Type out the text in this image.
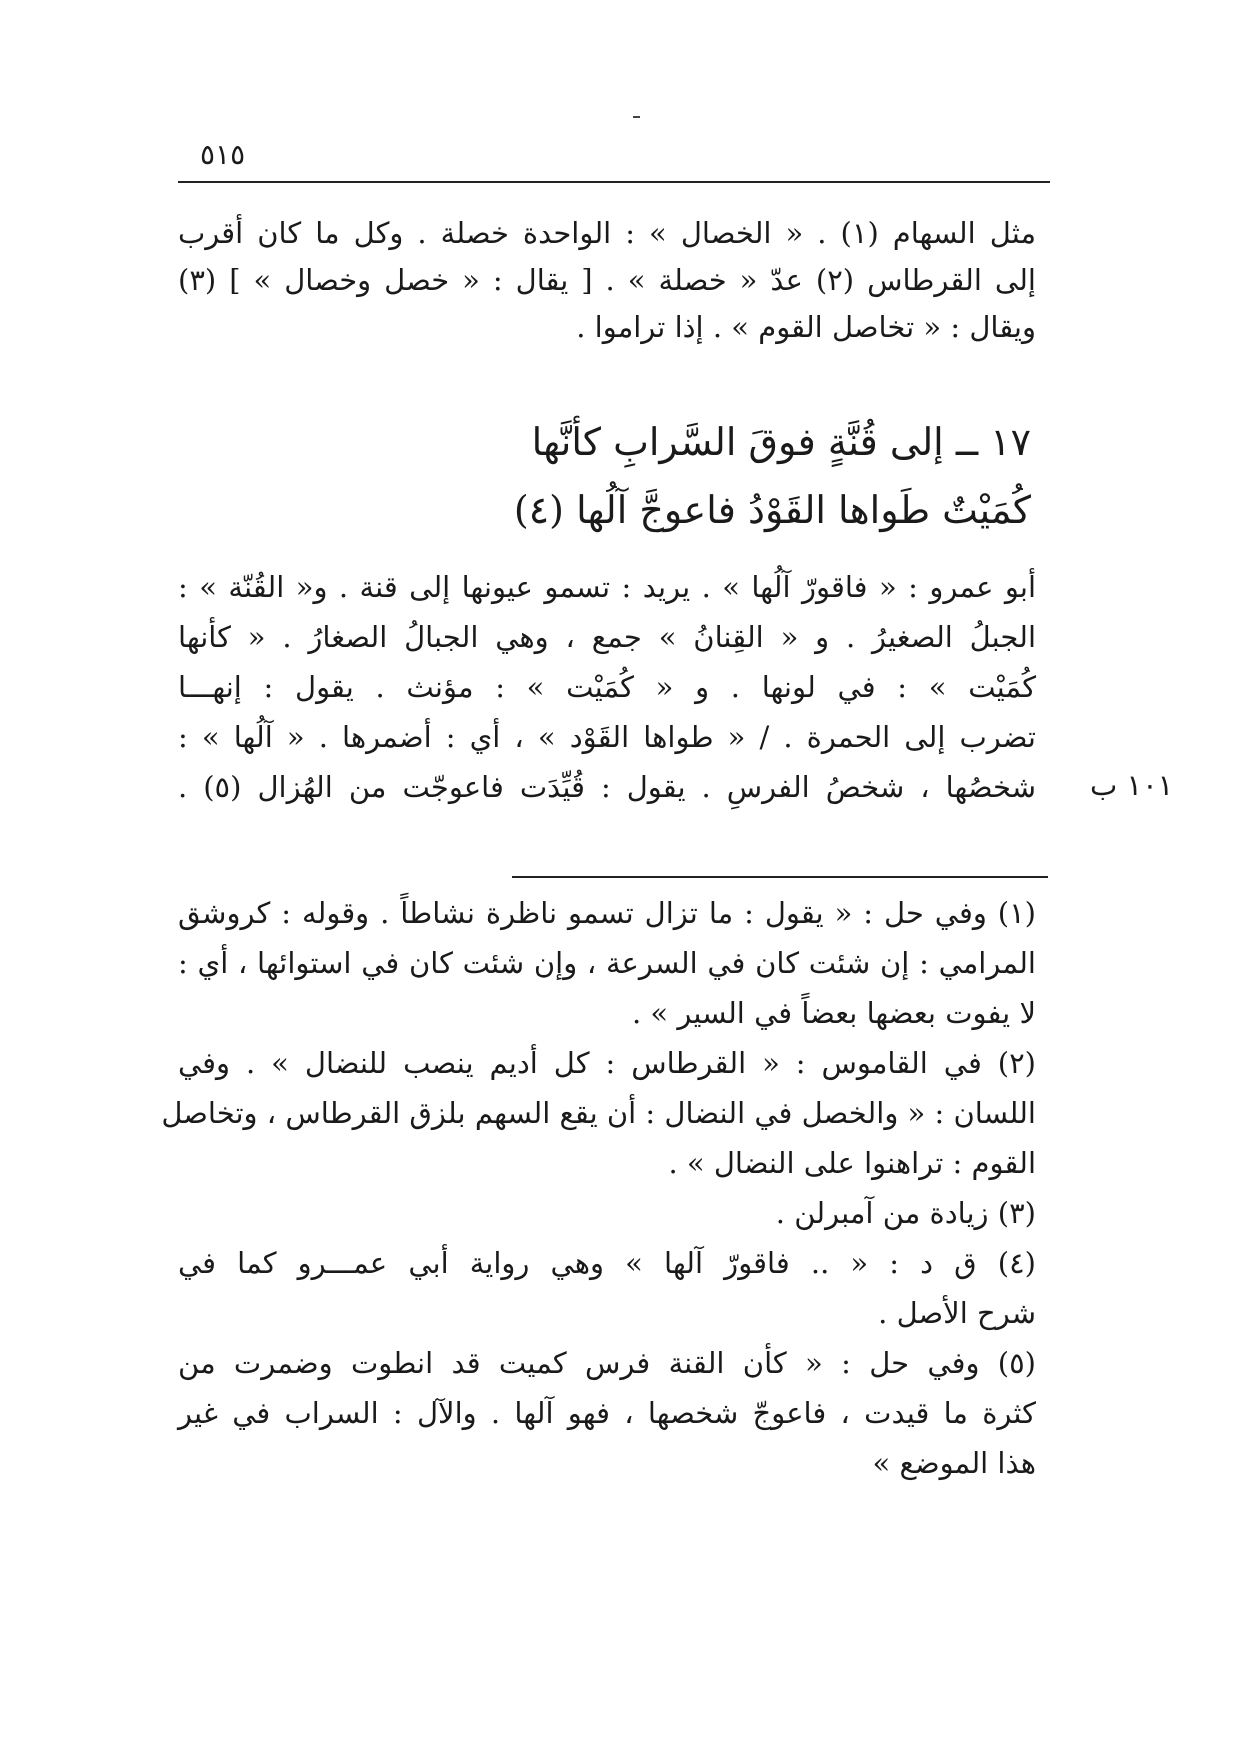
٥١٥
مثل السهام (١) . « الخصال » : الواحدة خصلة . وكل ما كان أقرب
إلى القرطاس (٢) عدّ « خصلة » . [ يقال : « خصل وخصال » ] (٣)
ويقال : « تخاصل القوم » . إذا تراموا .
١٧ ــ إلى قُنَّةٍ فوقَ السَّرابِ كأنَّها
كُمَيْتٌ طَواها القَوْدُ فاعوجَّ آلُها (٤)
أبو عمرو : « فاقورّ آلُها » . يريد : تسمو عيونها إلى قنة . و« القُنّة » :
الجبلُ الصغيرُ . و « القِنانُ » جمع ، وهي الجبالُ الصغارُ . « كأنها
كُمَيْت » : في لونها . و « كُمَيْت » : مؤنث . يقول : إنهـــا
تضرب إلى الحمرة . / « طواها القَوْد » ، أي : أضمرها . « آلُها » :
شخصُها ، شخصُ الفرسِ . يقول : قُيِّدَت فاعوجّت من الهُزال (٥) . ١٠١ ب
(١) وفي حل : « يقول : ما تزال تسمو ناظرة نشاطاً . وقوله : كروشق
المرامي : إن شئت كان في السرعة ، وإن شئت كان في استوائها ، أي :
لا يفوت بعضها بعضاً في السير » .
(٢) في القاموس : « القرطاس : كل أديم ينصب للنضال » . وفي
اللسان : « والخصل في النضال : أن يقع السهم بلزق القرطاس ، وتخاصل
القوم : تراهنوا على النضال » .
(٣) زيادة من آمبرلن .
(٤) ق د : « .. فاقورّ آلها » وهي رواية أبي عمـــرو كما في
شرح الأصل .
(٥) وفي حل : « كأن القنة فرس كميت قد انطوت وضمرت من
كثرة ما قيدت ، فاعوجّ شخصها ، فهو آلها . والآل : السراب في غير
هذا الموضع »
